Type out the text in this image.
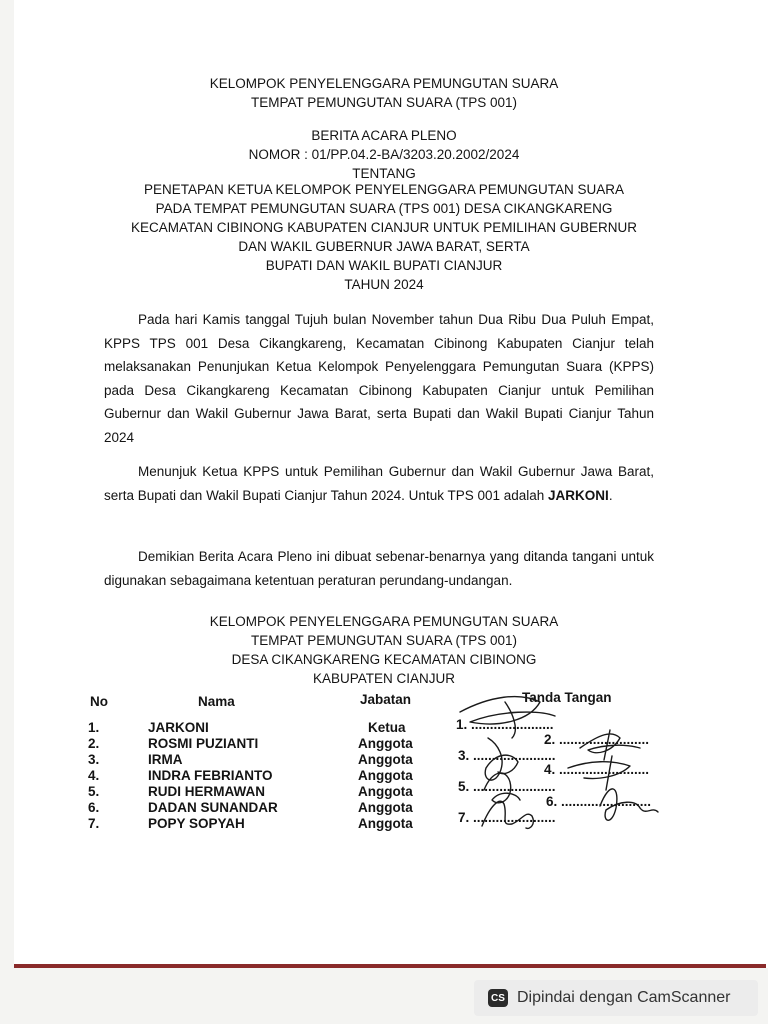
KELOMPOK PENYELENGGARA PEMUNGUTAN SUARA
TEMPAT PEMUNGUTAN SUARA (TPS 001)
BERITA ACARA PLENO
NOMOR : 01/PP.04.2-BA/3203.20.2002/2024
TENTANG
PENETAPAN KETUA KELOMPOK PENYELENGGARA PEMUNGUTAN SUARA
PADA TEMPAT PEMUNGUTAN SUARA (TPS 001) DESA CIKANGKARENG
KECAMATAN CIBINONG KABUPATEN CIANJUR UNTUK PEMILIHAN GUBERNUR
DAN WAKIL GUBERNUR JAWA BARAT, SERTA
BUPATI DAN WAKIL BUPATI CIANJUR
TAHUN 2024

Pada hari Kamis tanggal Tujuh bulan November tahun Dua Ribu Dua Puluh Empat, KPPS TPS 001 Desa Cikangkareng, Kecamatan Cibinong Kabupaten Cianjur telah melaksanakan Penunjukan Ketua Kelompok Penyelenggara Pemungutan Suara (KPPS) pada Desa Cikangkareng Kecamatan Cibinong Kabupaten Cianjur untuk Pemilihan Gubernur dan Wakil Gubernur Jawa Barat, serta Bupati dan Wakil Bupati Cianjur Tahun 2024

Menunjuk Ketua KPPS untuk Pemilihan Gubernur dan Wakil Gubernur Jawa Barat, serta Bupati dan Wakil Bupati Cianjur Tahun 2024. Untuk TPS 001 adalah JARKONI.

Demikian Berita Acara Pleno ini dibuat sebenar-benarnya yang ditanda tangani untuk digunakan sebagaimana ketentuan peraturan perundang-undangan.

KELOMPOK PENYELENGGARA PEMUNGUTAN SUARA
TEMPAT PEMUNGUTAN SUARA (TPS 001)
DESA CIKANGKARENG KECAMATAN CIBINONG
KABUPATEN CIANJUR
No	Nama	Jabatan	Tanda Tangan
1.	JARKONI	Ketua	1. ......................
2.	ROSMI PUZIANTI	Anggota	2. ........................
3.	IRMA	Anggota	3. ......................
4.	INDRA FEBRIANTO	Anggota	4. ........................
5.	RUDI HERMAWAN	Anggota	5. ......................
6.	DADAN SUNANDAR	Anggota	6. ........................
7.	POPY SOPYAH	Anggota	7. ......................
CS Dipindai dengan CamScanner
